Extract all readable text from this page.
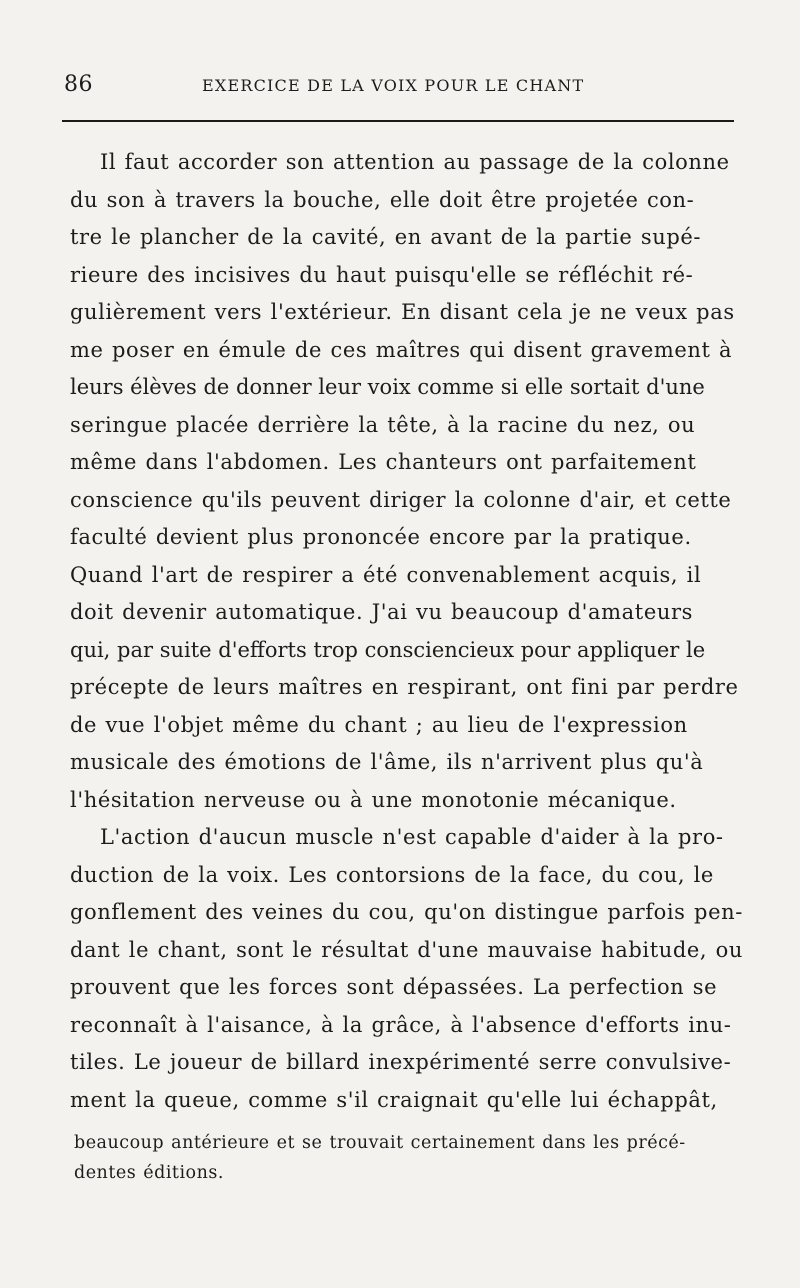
86	EXERCICE DE LA VOIX POUR LE CHANT
Il faut accorder son attention au passage de la colonne
du son à travers la bouche, elle doit être projetée con-
tre le plancher de la cavité, en avant de la partie supé-
rieure des incisives du haut puisqu'elle se réfléchit ré-
gulièrement vers l'extérieur. En disant cela je ne veux pas
me poser en émule de ces maîtres qui disent gravement à
leurs élèves de donner leur voix comme si elle sortait d'une
seringue placée derrière la tête, à la racine du nez, ou
même dans l'abdomen. Les chanteurs ont parfaitement
conscience qu'ils peuvent diriger la colonne d'air, et cette
faculté devient plus prononcée encore par la pratique.
Quand l'art de respirer a été convenablement acquis, il
doit devenir automatique. J'ai vu beaucoup d'amateurs
qui, par suite d'efforts trop consciencieux pour appliquer le
précepte de leurs maîtres en respirant, ont fini par perdre
de vue l'objet même du chant ; au lieu de l'expression
musicale des émotions de l'âme, ils n'arrivent plus qu'à
l'hésitation nerveuse ou à une monotonie mécanique.
L'action d'aucun muscle n'est capable d'aider à la pro-
duction de la voix. Les contorsions de la face, du cou, le
gonflement des veines du cou, qu'on distingue parfois pen-
dant le chant, sont le résultat d'une mauvaise habitude, ou
prouvent que les forces sont dépassées. La perfection se
reconnaît à l'aisance, à la grâce, à l'absence d'efforts inu-
tiles. Le joueur de billard inexpérimenté serre convulsive-
ment la queue, comme s'il craignait qu'elle lui échappât,
beaucoup antérieure et se trouvait certainement dans les précé-
dentes éditions.
